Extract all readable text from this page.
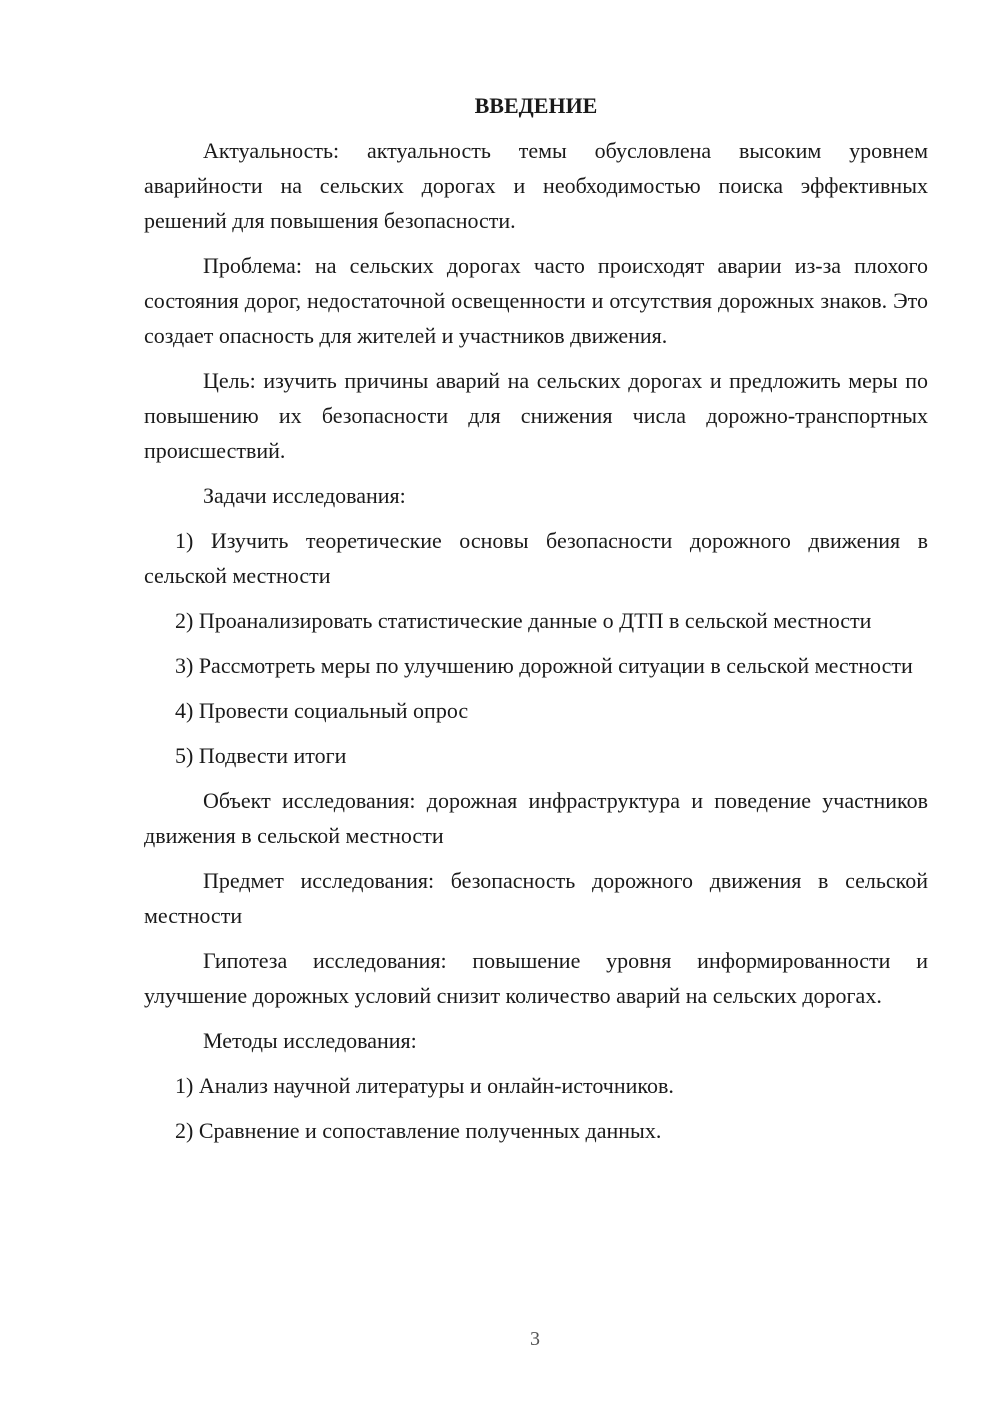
ВВЕДЕНИЕ

Актуальность: актуальность темы обусловлена высоким уровнем аварийности на сельских дорогах и необходимостью поиска эффективных решений для повышения безопасности.

Проблема: на сельских дорогах часто происходят аварии из-за плохого состояния дорог, недостаточной освещенности и отсутствия дорожных знаков. Это создает опасность для жителей и участников движения.

Цель: изучить причины аварий на сельских дорогах и предложить меры по повышению их безопасности для снижения числа дорожно-транспортных происшествий.

Задачи исследования:

1) Изучить теоретические основы безопасности дорожного движения в сельской местности

2) Проанализировать статистические данные о ДТП в сельской местности

3) Рассмотреть меры по улучшению дорожной ситуации в сельской местности

4) Провести социальный опрос

5) Подвести итоги

Объект исследования: дорожная инфраструктура и поведение участников движения в сельской местности

Предмет исследования: безопасность дорожного движения в сельской местности

Гипотеза исследования: повышение уровня информированности и улучшение дорожных условий снизит количество аварий на сельских дорогах.

Методы исследования:

1) Анализ научной литературы и онлайн-источников.

2) Сравнение и сопоставление полученных данных.

3
